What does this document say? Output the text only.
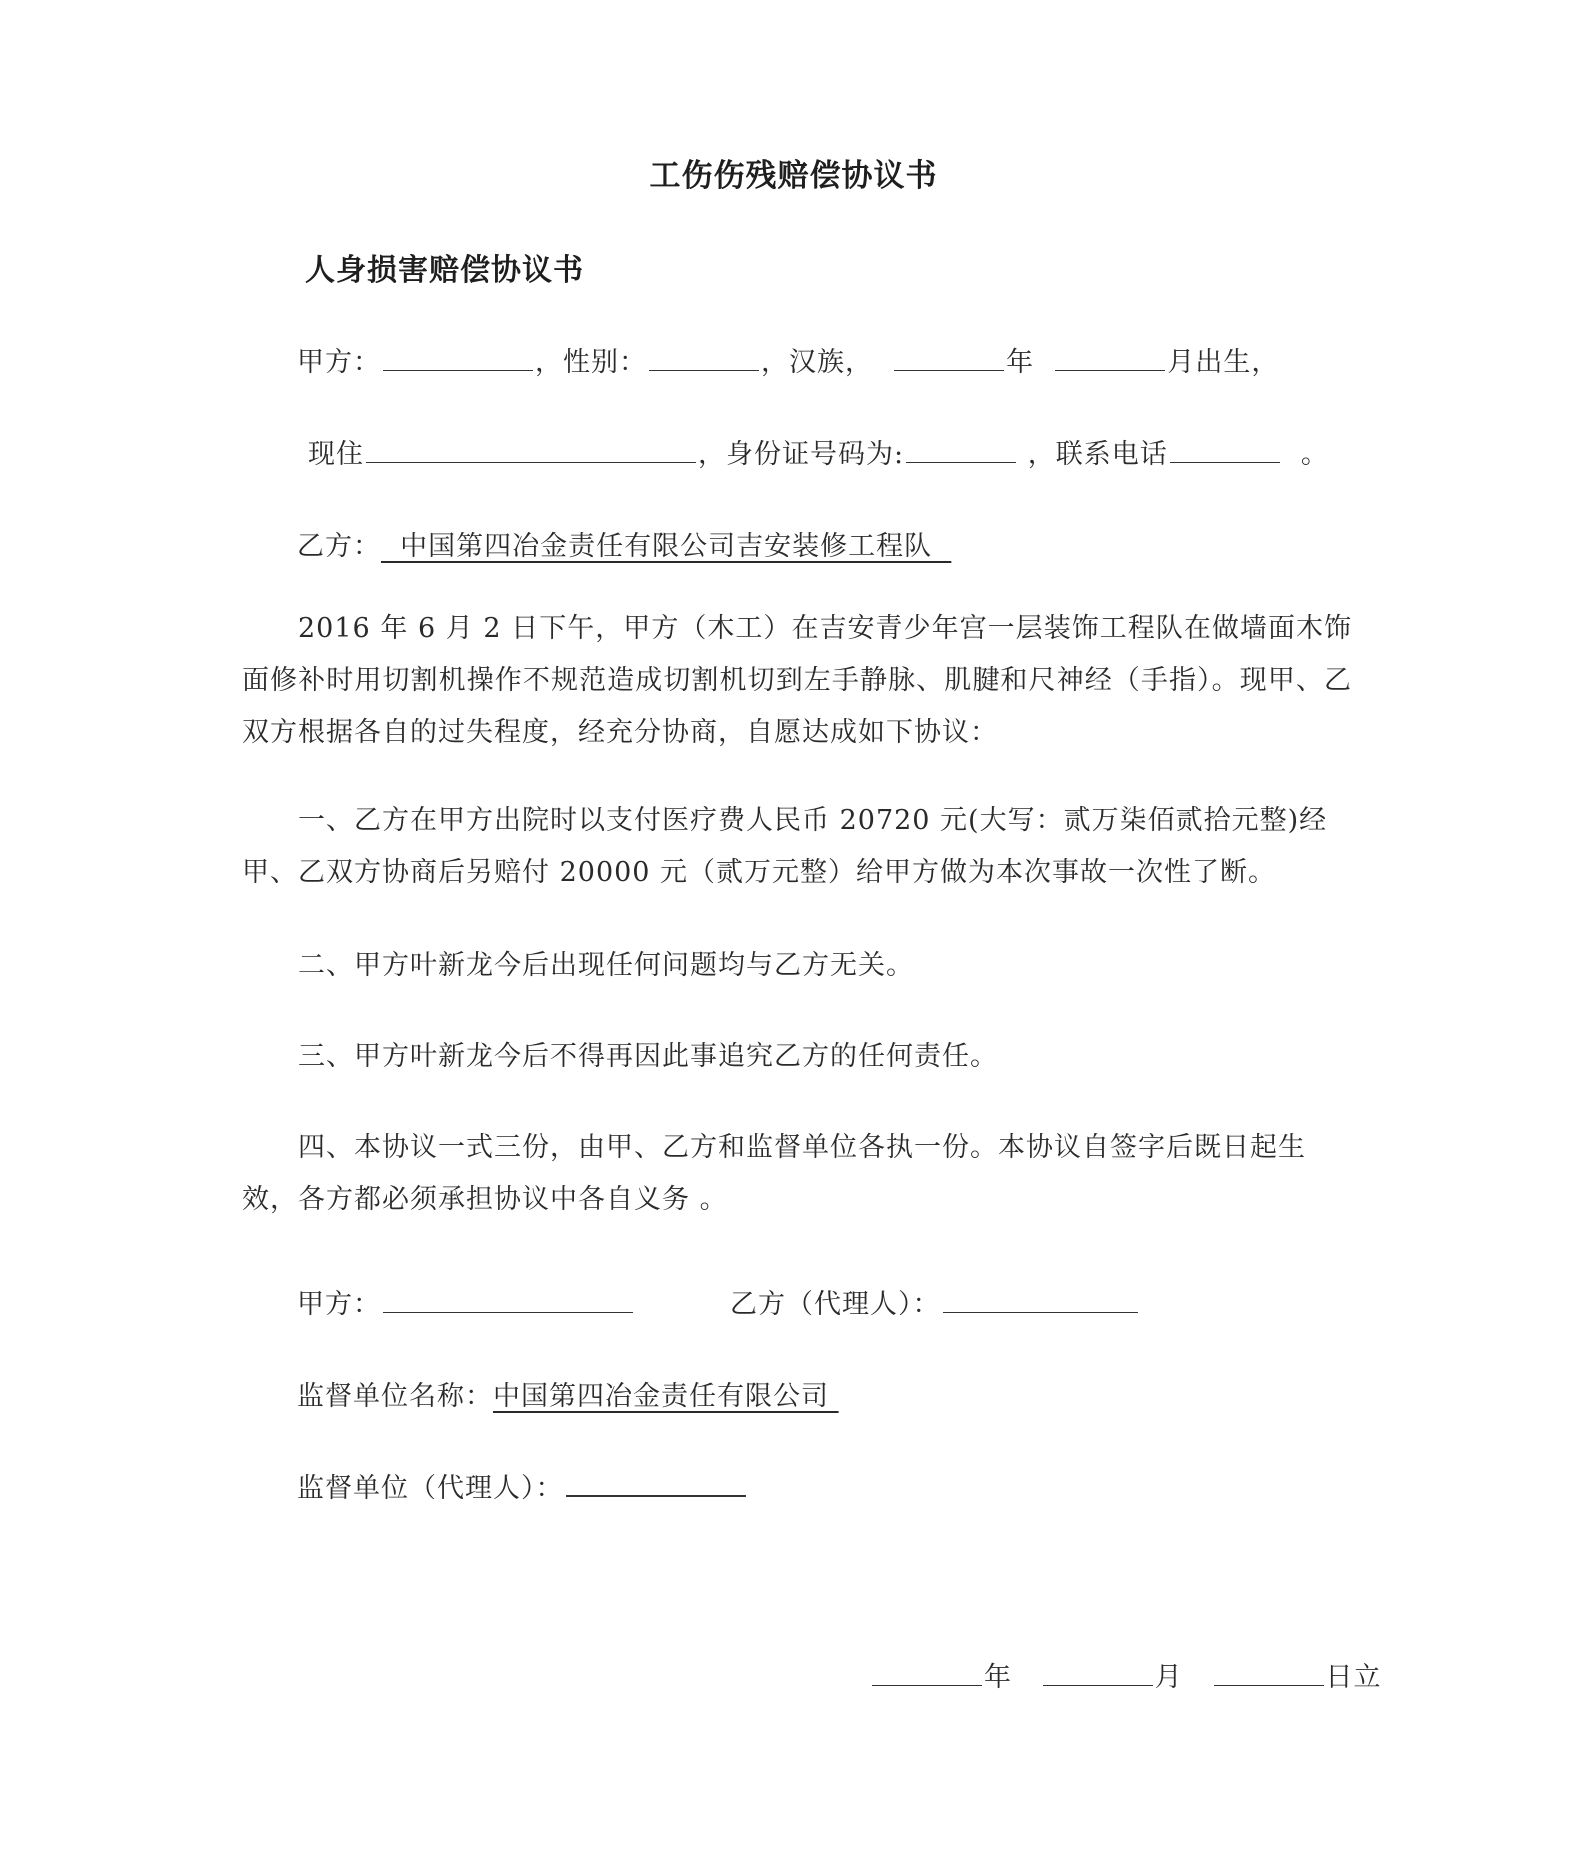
工伤伤残赔偿协议书
人身损害赔偿协议书
甲方：	，性别：	，汉族，	年	月出生，
现住	，身份证号码为:	，联系电话	。
乙方：  中国第四冶金责任有限公司吉安装修工程队
2016 年 6 月 2 日下午，甲方（木工）在吉安青少年宫一层装饰工程队在做墙面木饰面修补时用切割机操作不规范造成切割机切到左手静脉、肌腱和尺神经（手指）。现甲、乙双方根据各自的过失程度，经充分协商，自愿达成如下协议：
一、乙方在甲方出院时以支付医疗费人民币 20720 元(大写：贰万柒佰贰拾元整)经甲、乙双方协商后另赔付 20000 元（贰万元整）给甲方做为本次事故一次性了断。
二、甲方叶新龙今后出现任何问题均与乙方无关。
三、甲方叶新龙今后不得再因此事追究乙方的任何责任。
四、本协议一式三份，由甲、乙方和监督单位各执一份。本协议自签字后既日起生效，各方都必须承担协议中各自义务 。
甲方：	乙方（代理人）：
监督单位名称：中国第四冶金责任有限公司
监督单位（代理人）：
年	月	日立
